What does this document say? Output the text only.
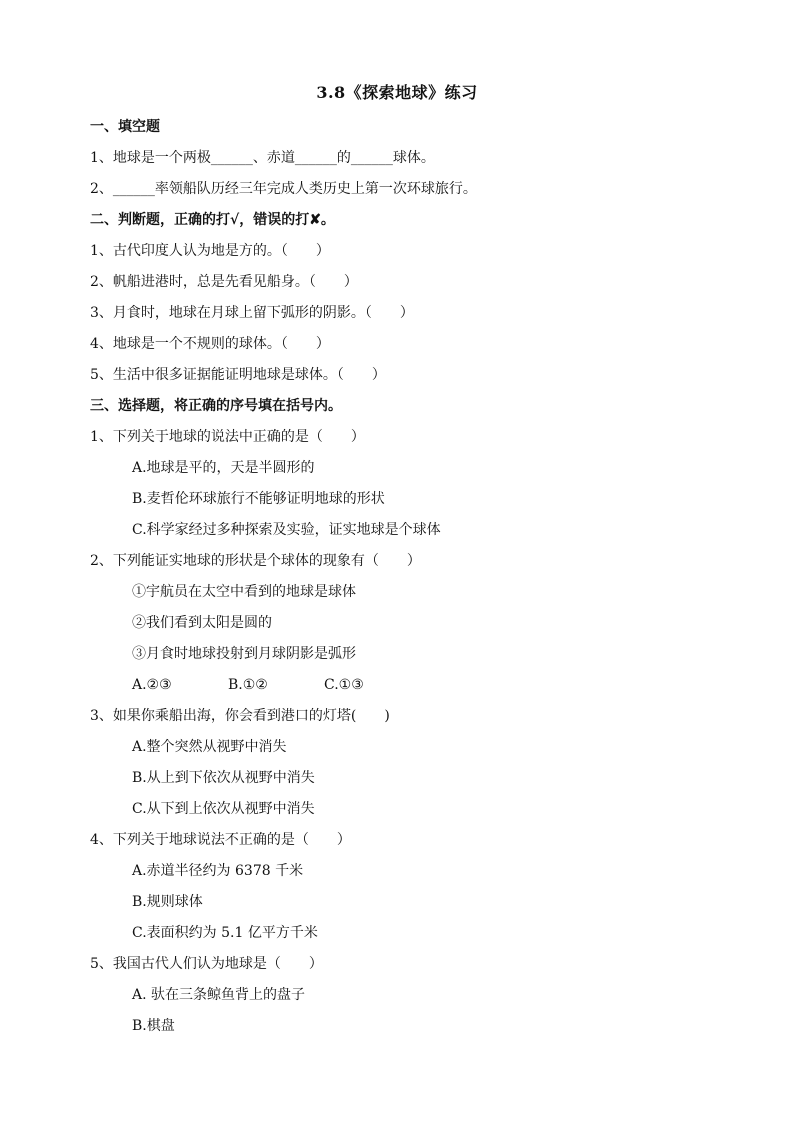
3.8《探索地球》练习
一、填空题
1、地球是一个两极______、赤道______的______球体。
2、______率领船队历经三年完成人类历史上第一次环球旅行。
二、判断题，正确的打√，错误的打✘。
1、古代印度人认为地是方的。（　　）
2、帆船进港时，总是先看见船身。（　　）
3、月食时，地球在月球上留下弧形的阴影。（　　）
4、地球是一个不规则的球体。（　　）
5、生活中很多证据能证明地球是球体。（　　）
三、选择题，将正确的序号填在括号内。
1、下列关于地球的说法中正确的是（　　）
A.地球是平的，天是半圆形的
B.麦哲伦环球旅行不能够证明地球的形状
C.科学家经过多种探索及实验，证实地球是个球体
2、下列能证实地球的形状是个球体的现象有（　　）
①宇航员在太空中看到的地球是球体
②我们看到太阳是圆的
③月食时地球投射到月球阴影是弧形
A.②③	B.①②	C.①③
3、如果你乘船出海，你会看到港口的灯塔(　　)
A.整个突然从视野中消失
B.从上到下依次从视野中消失
C.从下到上依次从视野中消失
4、下列关于地球说法不正确的是（　　）
A.赤道半径约为 6378 千米
B.规则球体
C.表面积约为 5.1 亿平方千米
5、我国古代人们认为地球是（　　）
A. 驮在三条鲸鱼背上的盘子
B.棋盘
